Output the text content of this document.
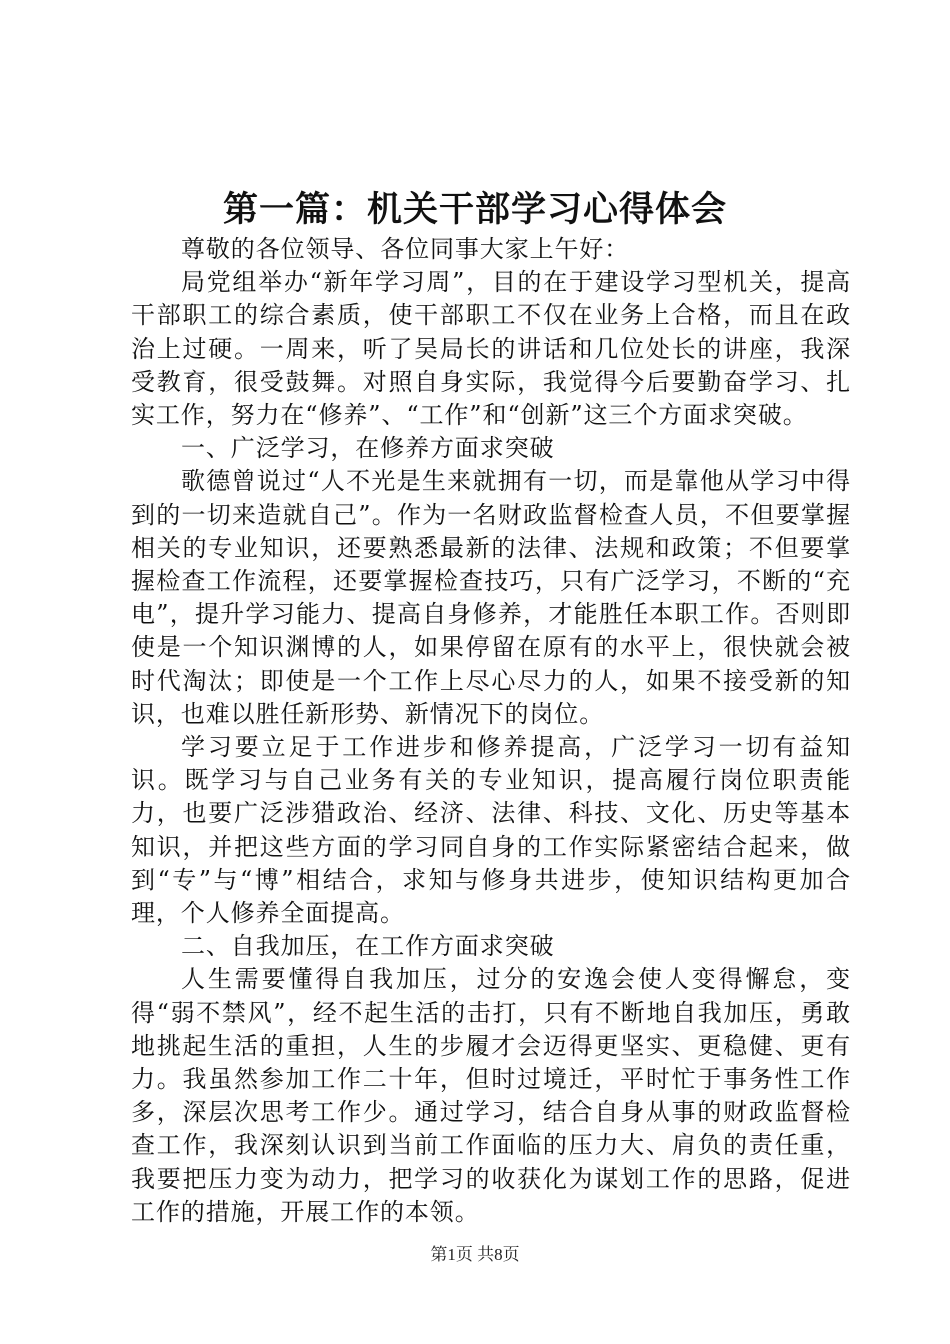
第一篇：机关干部学习心得体会

尊敬的各位领导、各位同事大家上午好：

局党组举办“新年学习周”，目的在于建设学习型机关，提高干部职工的综合素质，使干部职工不仅在业务上合格，而且在政治上过硬。一周来，听了吴局长的讲话和几位处长的讲座，我深受教育，很受鼓舞。对照自身实际，我觉得今后要勤奋学习、扎实工作，努力在“修养”、“工作”和“创新”这三个方面求突破。

一、广泛学习，在修养方面求突破

歌德曾说过“人不光是生来就拥有一切，而是靠他从学习中得到的一切来造就自己”。作为一名财政监督检查人员，不但要掌握相关的专业知识，还要熟悉最新的法律、法规和政策；不但要掌握检查工作流程，还要掌握检查技巧，只有广泛学习，不断的“充电”，提升学习能力、提高自身修养，才能胜任本职工作。否则即使是一个知识渊博的人，如果停留在原有的水平上，很快就会被时代淘汰；即使是一个工作上尽心尽力的人，如果不接受新的知识，也难以胜任新形势、新情况下的岗位。

学习要立足于工作进步和修养提高，广泛学习一切有益知识。既学习与自己业务有关的专业知识，提高履行岗位职责能力，也要广泛涉猎政治、经济、法律、科技、文化、历史等基本知识，并把这些方面的学习同自身的工作实际紧密结合起来，做到“专”与“博”相结合，求知与修身共进步，使知识结构更加合理，个人修养全面提高。

二、自我加压，在工作方面求突破

人生需要懂得自我加压，过分的安逸会使人变得懈怠，变得“弱不禁风”，经不起生活的击打，只有不断地自我加压，勇敢地挑起生活的重担，人生的步履才会迈得更坚实、更稳健、更有力。我虽然参加工作二十年，但时过境迁，平时忙于事务性工作多，深层次思考工作少。通过学习，结合自身从事的财政监督检查工作，我深刻认识到当前工作面临的压力大、肩负的责任重，我要把压力变为动力，把学习的收获化为谋划工作的思路，促进工作的措施，开展工作的本领。

第1页 共8页
